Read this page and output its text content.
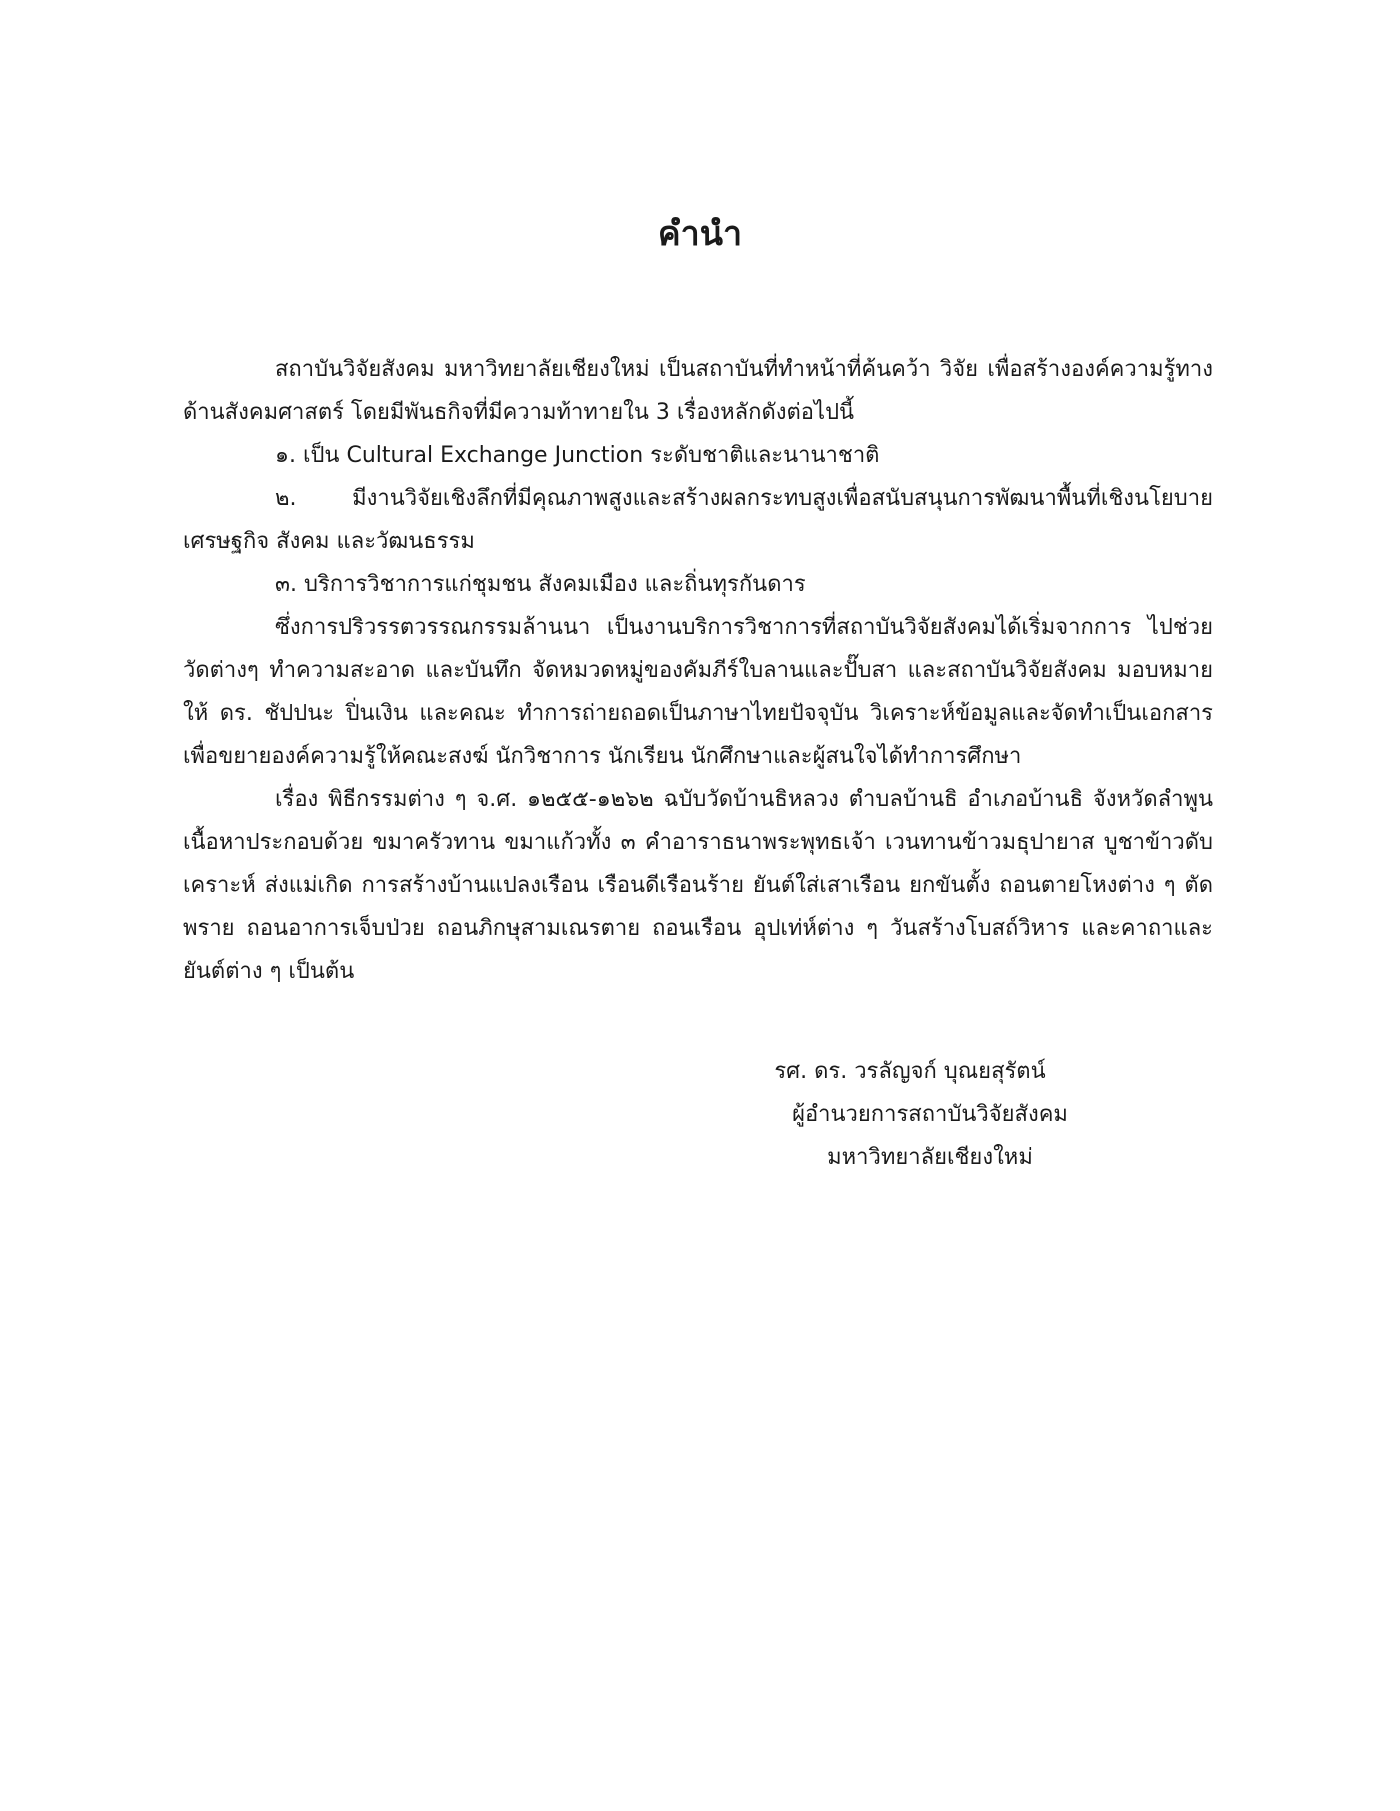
คำนำ

สถาบันวิจัยสังคม มหาวิทยาลัยเชียงใหม่ เป็นสถาบันที่ทำหน้าที่ค้นคว้า วิจัย เพื่อสร้างองค์ความรู้ทางด้านสังคมศาสตร์ โดยมีพันธกิจที่มีความท้าทายใน 3 เรื่องหลักดังต่อไปนี้

๑. เป็น Cultural Exchange Junction ระดับชาติและนานาชาติ

๒. มีงานวิจัยเชิงลึกที่มีคุณภาพสูงและสร้างผลกระทบสูงเพื่อสนับสนุนการพัฒนาพื้นที่เชิงนโยบาย เศรษฐกิจ สังคม และวัฒนธรรม

๓. บริการวิชาการแก่ชุมชน สังคมเมือง และถิ่นทุรกันดาร

ซึ่งการปริวรรตวรรณกรรมล้านนา เป็นงานบริการวิชาการที่สถาบันวิจัยสังคมได้เริ่มจากการ ไปช่วยวัดต่างๆ ทำความสะอาด และบันทึก จัดหมวดหมู่ของคัมภีร์ใบลานและปั๊บสา และสถาบันวิจัยสังคม มอบหมายให้ ดร. ชัปปนะ ปิ่นเงิน และคณะ ทำการถ่ายถอดเป็นภาษาไทยปัจจุบัน วิเคราะห์ข้อมูลและจัดทำเป็นเอกสารเพื่อขยายองค์ความรู้ให้คณะสงฆ์ นักวิชาการ นักเรียน นักศึกษาและผู้สนใจได้ทำการศึกษา

เรื่อง พิธีกรรมต่าง ๆ จ.ศ. ๑๒๕๕-๑๒๖๒ ฉบับวัดบ้านธิหลวง ตำบลบ้านธิ อำเภอบ้านธิ จังหวัดลำพูน เนื้อหาประกอบด้วย ขมาครัวทาน ขมาแก้วทั้ง ๓ คำอาราธนาพระพุทธเจ้า เวนทานข้าวมธุปายาส บูชาข้าวดับเคราะห์ ส่งแม่เกิด การสร้างบ้านแปลงเรือน เรือนดีเรือนร้าย ยันต์ใส่เสาเรือน ยกขันตั้ง ถอนตายโหงต่าง ๆ ตัดพราย ถอนอาการเจ็บป่วย ถอนภิกษุสามเณรตาย ถอนเรือน อุปเท่ห์ต่าง ๆ วันสร้างโบสถ์วิหาร และคาถาและยันต์ต่าง ๆ เป็นต้น

รศ. ดร. วรลัญจก์ บุณยสุรัตน์
ผู้อำนวยการสถาบันวิจัยสังคม
มหาวิทยาลัยเชียงใหม่
